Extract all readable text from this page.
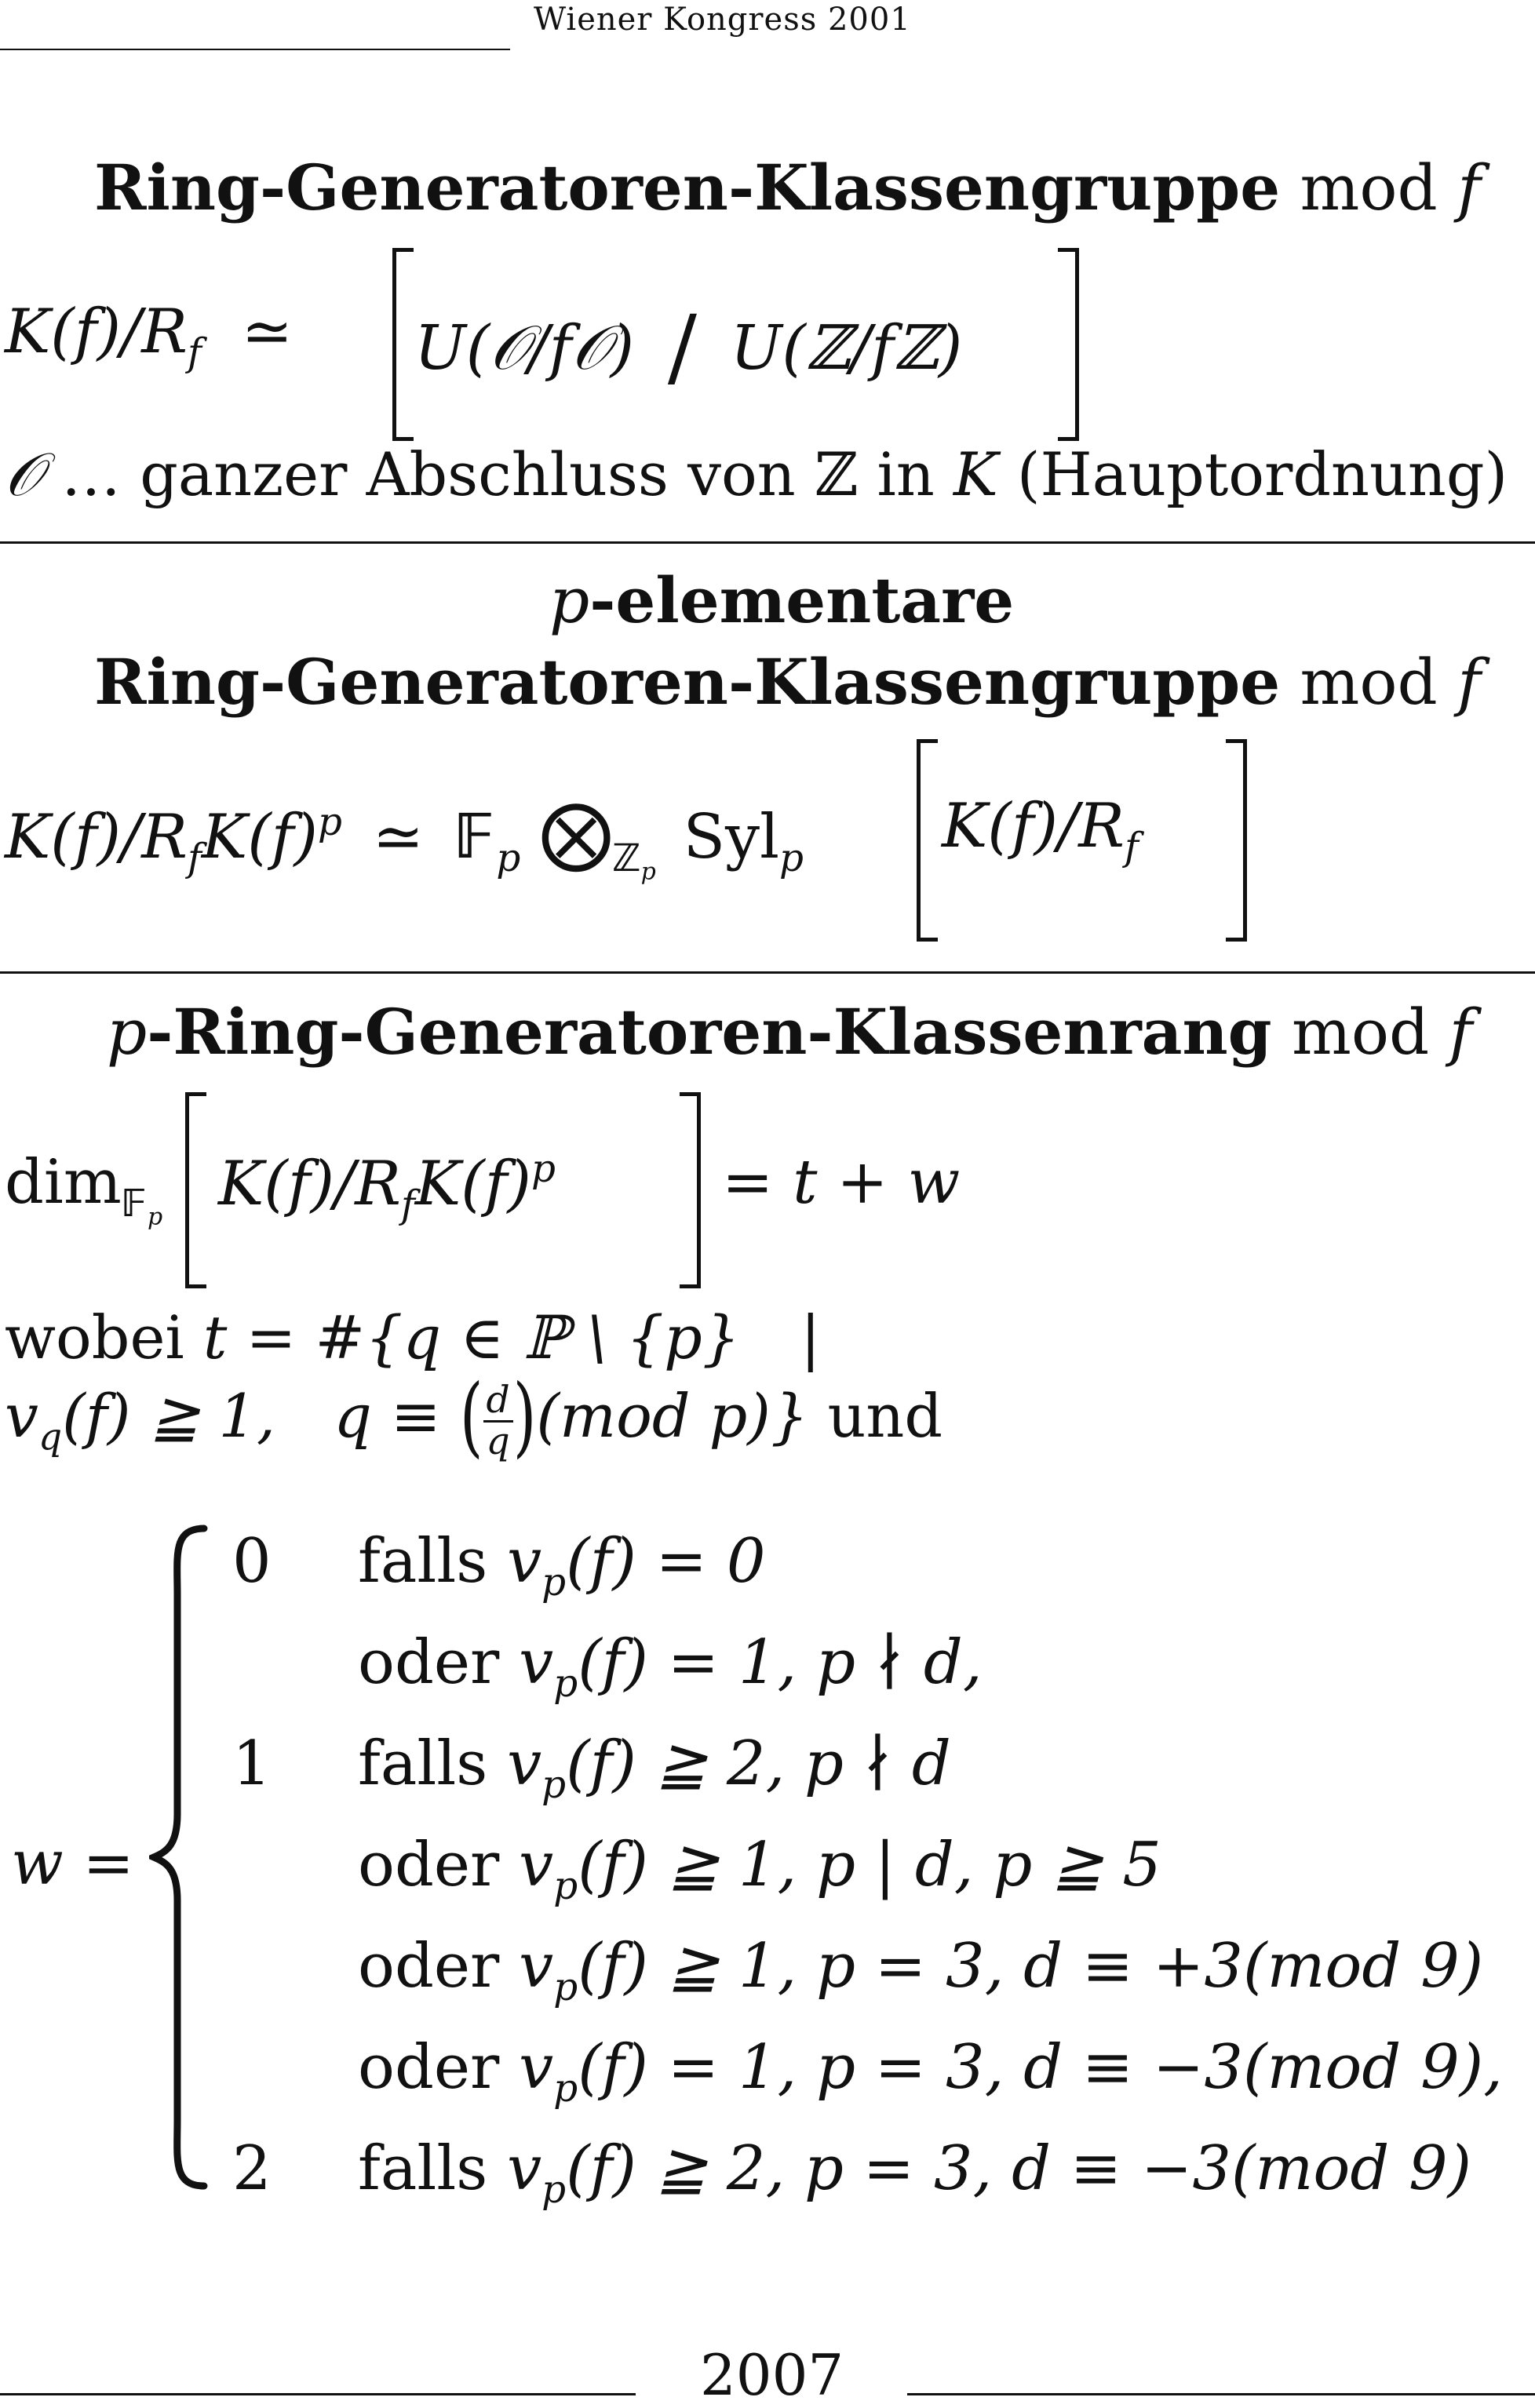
Wiener Kongress 2001
Ring-Generatoren-Klassengruppe mod f
$K(f)/R_f$ ≃ U(𝒪/f𝒪) / U(ℤ/fℤ)
𝒪 … ganzer Abschluss von ℤ in K (Hauptordnung)
p-elementare
Ring-Generatoren-Klassengruppe mod f
$K(f)/R_fK(f)^p$ ≃ 𝔽$_p$ $⨂_{ℤ_p}$ Syl$_p$ $K(f)/R_f$
p-Ring-Generatoren-Klassenrang mod f
dim$_{𝔽_p}$ $K(f)/R_fK(f)^p$	= t + w
wobei t = #{q ∈ ℙ \ {p} |
$v_q(f)$ ≧ 1, q ≡ ( $\frac{d}{q} )(mod$ p)} und
w =
0 falls $v_p(f) = 0$
oder $v_p(f) = 1$, p ∤ d,
1 falls $v_p(f)$ ≧ 2, p ∤ d
oder $v_p(f)$ ≧ 1, p | d, p ≧ 5
oder $v_p(f)$ ≧ 1, p = 3, d ≡ +3(mod 9)
oder $v_p(f) = 1$, p = 3, d ≡ −3(mod 9),
2 falls $v_p(f)$ ≧ 2, p = 3, d ≡ −3(mod 9)
2007
